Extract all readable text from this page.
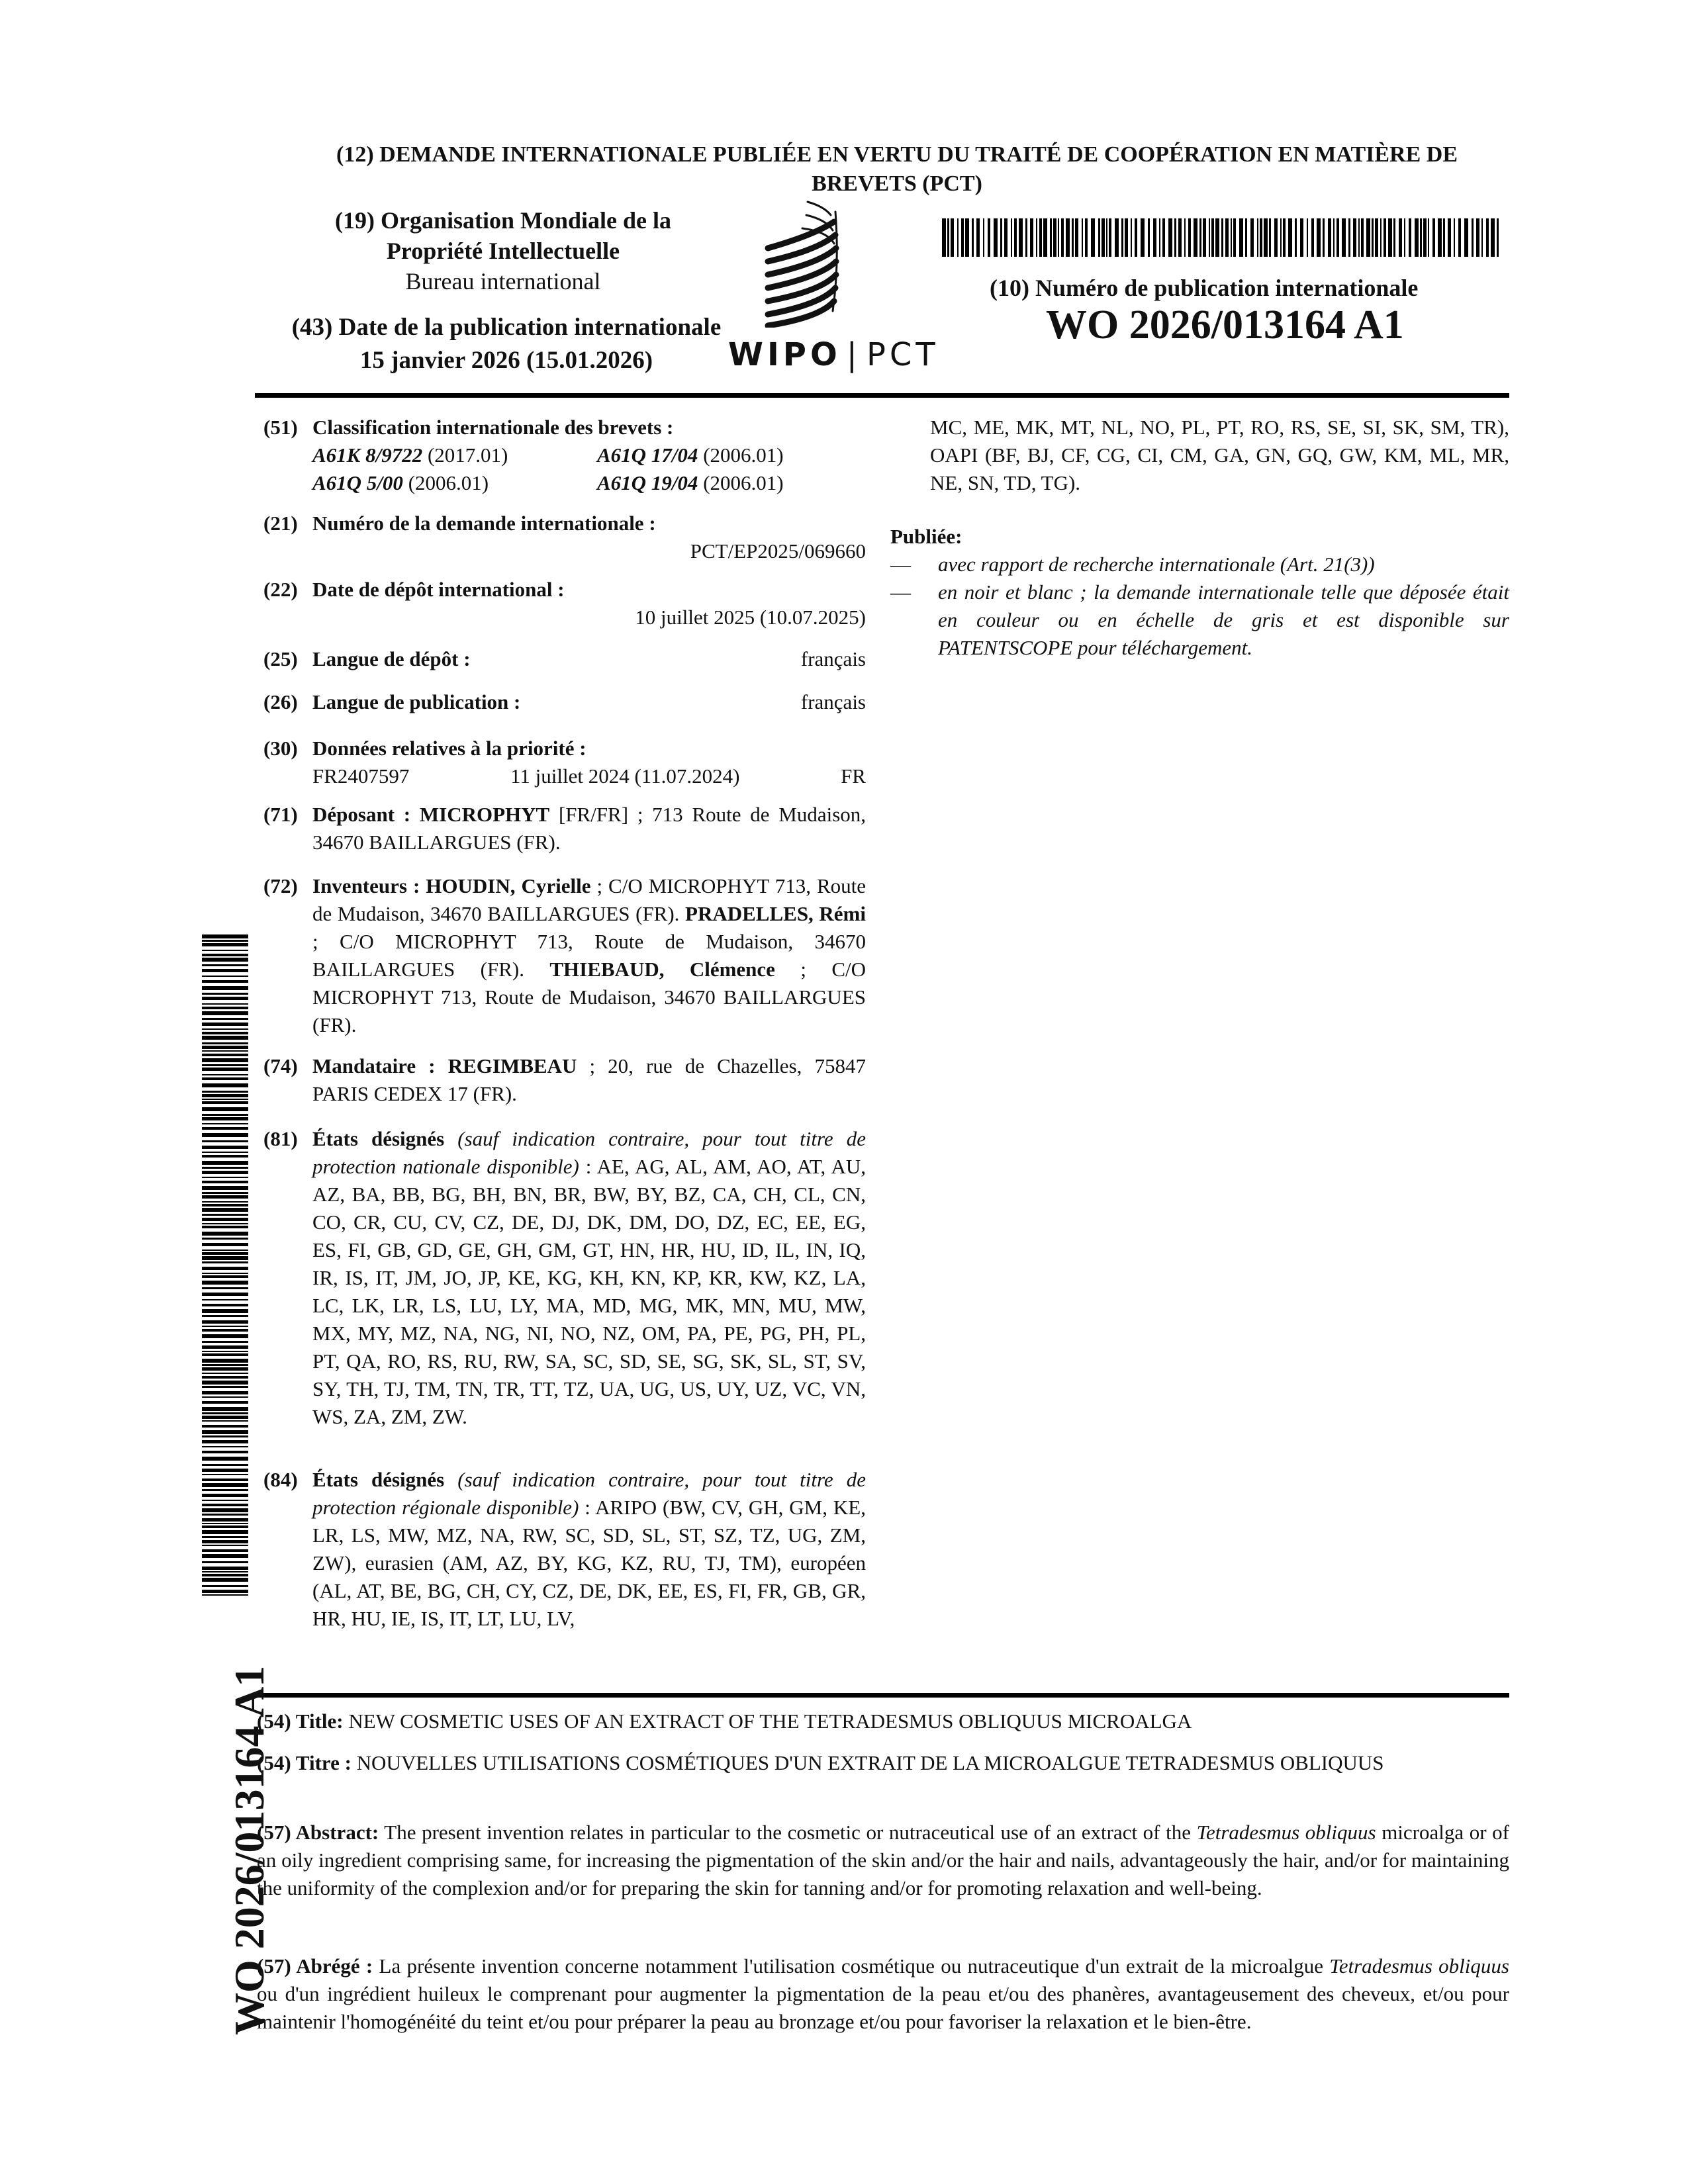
(12) DEMANDE INTERNATIONALE PUBLIÉE EN VERTU DU TRAITÉ DE COOPÉRATION EN MATIÈRE DE BREVETS (PCT)
(19) Organisation Mondiale de la
Propriété Intellectuelle
Bureau international
(43) Date de la publication internationale
15 janvier 2026 (15.01.2026)	WIPO | PCT
(10) Numéro de publication internationale
WO 2026/013164 A1
(51) Classification internationale des brevets :
A61K 8/9722 (2017.01)	A61Q 17/04 (2006.01)
A61Q 5/00 (2006.01)	A61Q 19/04 (2006.01)
(21) Numéro de la demande internationale :
PCT/EP2025/069660
(22) Date de dépôt international :
10 juillet 2025 (10.07.2025)
(25) Langue de dépôt :	français
(26) Langue de publication :	français
(30) Données relatives à la priorité :
FR2407597	11 juillet 2024 (11.07.2024)	FR
(71) Déposant : MICROPHYT [FR/FR] ; 713 Route de Mudaison, 34670 BAILLARGUES (FR).
(72) Inventeurs : HOUDIN, Cyrielle ; C/O MICROPHYT 713, Route de Mudaison, 34670 BAILLARGUES (FR). PRADELLES, Rémi ; C/O MICROPHYT 713, Route de Mudaison, 34670 BAILLARGUES (FR). THIEBAUD, Clémence ; C/O MICROPHYT 713, Route de Mudaison, 34670 BAILLARGUES (FR).
(74) Mandataire : REGIMBEAU ; 20, rue de Chazelles, 75847 PARIS CEDEX 17 (FR).
(81) États désignés (sauf indication contraire, pour tout titre de protection nationale disponible) : AE, AG, AL, AM, AO, AT, AU, AZ, BA, BB, BG, BH, BN, BR, BW, BY, BZ, CA, CH, CL, CN, CO, CR, CU, CV, CZ, DE, DJ, DK, DM, DO, DZ, EC, EE, EG, ES, FI, GB, GD, GE, GH, GM, GT, HN, HR, HU, ID, IL, IN, IQ, IR, IS, IT, JM, JO, JP, KE, KG, KH, KN, KP, KR, KW, KZ, LA, LC, LK, LR, LS, LU, LY, MA, MD, MG, MK, MN, MU, MW, MX, MY, MZ, NA, NG, NI, NO, NZ, OM, PA, PE, PG, PH, PL, PT, QA, RO, RS, RU, RW, SA, SC, SD, SE, SG, SK, SL, ST, SV, SY, TH, TJ, TM, TN, TR, TT, TZ, UA, UG, US, UY, UZ, VC, VN, WS, ZA, ZM, ZW.
(84) États désignés (sauf indication contraire, pour tout titre de protection régionale disponible) : ARIPO (BW, CV, GH, GM, KE, LR, LS, MW, MZ, NA, RW, SC, SD, SL, ST, SZ, TZ, UG, ZM, ZW), eurasien (AM, AZ, BY, KG, KZ, RU, TJ, TM), européen (AL, AT, BE, BG, CH, CY, CZ, DE, DK, EE, ES, FI, FR, GB, GR, HR, HU, IE, IS, IT, LT, LU, LV,
MC, ME, MK, MT, NL, NO, PL, PT, RO, RS, SE, SI, SK, SM, TR), OAPI (BF, BJ, CF, CG, CI, CM, GA, GN, GQ, GW, KM, ML, MR, NE, SN, TD, TG).
Publiée:
—	avec rapport de recherche internationale (Art. 21(3))
—	en noir et blanc ; la demande internationale telle que déposée était en couleur ou en échelle de gris et est disponible sur PATENTSCOPE pour téléchargement.
(54) Title: NEW COSMETIC USES OF AN EXTRACT OF THE TETRADESMUS OBLIQUUS MICROALGA
(54) Titre : NOUVELLES UTILISATIONS COSMÉTIQUES D'UN EXTRAIT DE LA MICROALGUE TETRADESMUS OBLIQUUS
(57) Abstract: The present invention relates in particular to the cosmetic or nutraceutical use of an extract of the Tetradesmus obliquus microalga or of an oily ingredient comprising same, for increasing the pigmentation of the skin and/or the hair and nails, advantageously the hair, and/or for maintaining the uniformity of the complexion and/or for preparing the skin for tanning and/or for promoting relaxation and well-being.
(57) Abrégé : La présente invention concerne notamment l'utilisation cosmétique ou nutraceutique d'un extrait de la microalgue Tetradesmus obliquus ou d'un ingrédient huileux le comprenant pour augmenter la pigmentation de la peau et/ou des phanères, avantageusement des cheveux, et/ou pour maintenir l'homogénéité du teint et/ou pour préparer la peau au bronzage et/ou pour favoriser la relaxation et le bien-être.
WO 2026/013164 A1
